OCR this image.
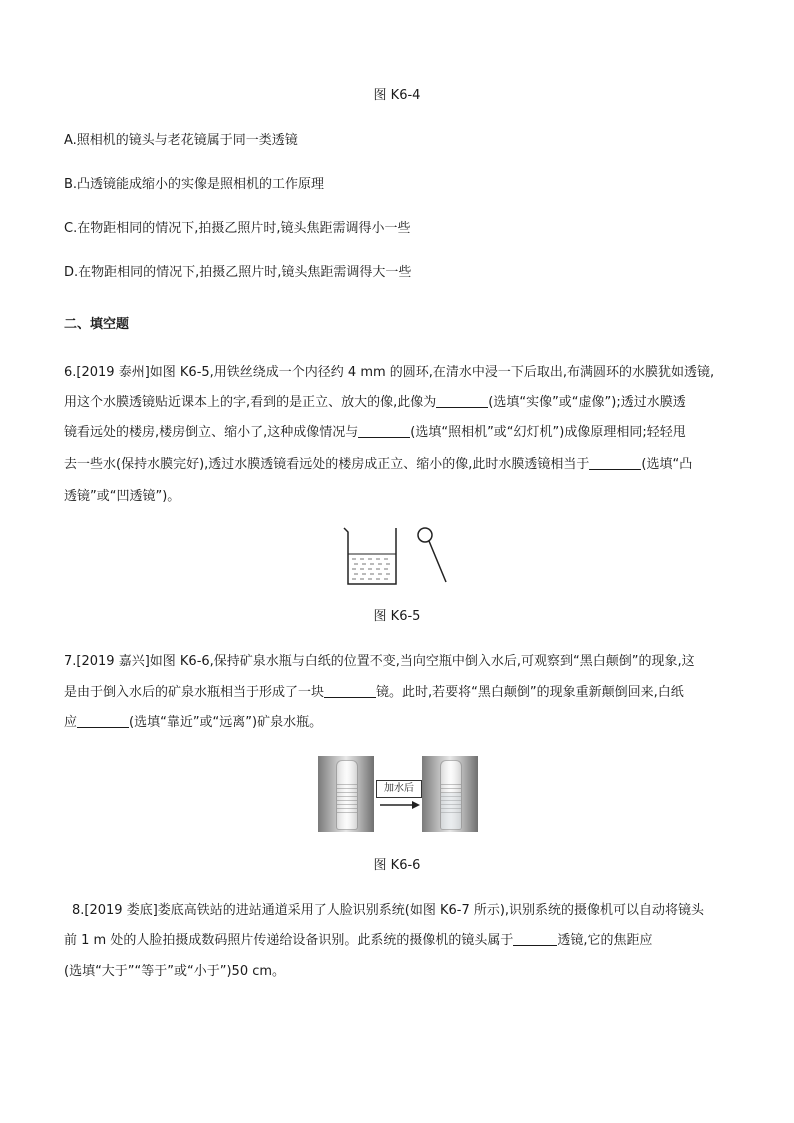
图 K6-4
A.照相机的镜头与老花镜属于同一类透镜
B.凸透镜能成缩小的实像是照相机的工作原理
C.在物距相同的情况下,拍摄乙照片时,镜头焦距需调得小一些
D.在物距相同的情况下,拍摄乙照片时,镜头焦距需调得大一些
二、填空题
6.[2019 泰州]如图 K6-5,用铁丝绕成一个内径约 4 mm 的圆环,在清水中浸一下后取出,布满圆环的水膜犹如透镜,
用这个水膜透镜贴近课本上的字,看到的是正立、放大的像,此像为	(选填“实像”或“虚像”);透过水膜透
镜看远处的楼房,楼房倒立、缩小了,这种成像情况与	(选填“照相机”或“幻灯机”)成像原理相同;轻轻甩
去一些水(保持水膜完好),透过水膜透镜看远处的楼房成正立、缩小的像,此时水膜透镜相当于	(选填“凸
透镜”或“凹透镜”)。
图 K6-5
7.[2019 嘉兴]如图 K6-6,保持矿泉水瓶与白纸的位置不变,当向空瓶中倒入水后,可观察到“黑白颠倒”的现象,这
是由于倒入水后的矿泉水瓶相当于形成了一块	镜。此时,若要将“黑白颠倒”的现象重新颠倒回来,白纸
应	(选填“靠近”或“远离”)矿泉水瓶。
加水后
图 K6-6
8.[2019 娄底]娄底高铁站的进站通道采用了人脸识别系统(如图 K6-7 所示),识别系统的摄像机可以自动将镜头
前 1 m 处的人脸拍摄成数码照片传递给设备识别。此系统的摄像机的镜头属于	透镜,它的焦距应
(选填“大于”“等于”或“小于”)50 cm。
